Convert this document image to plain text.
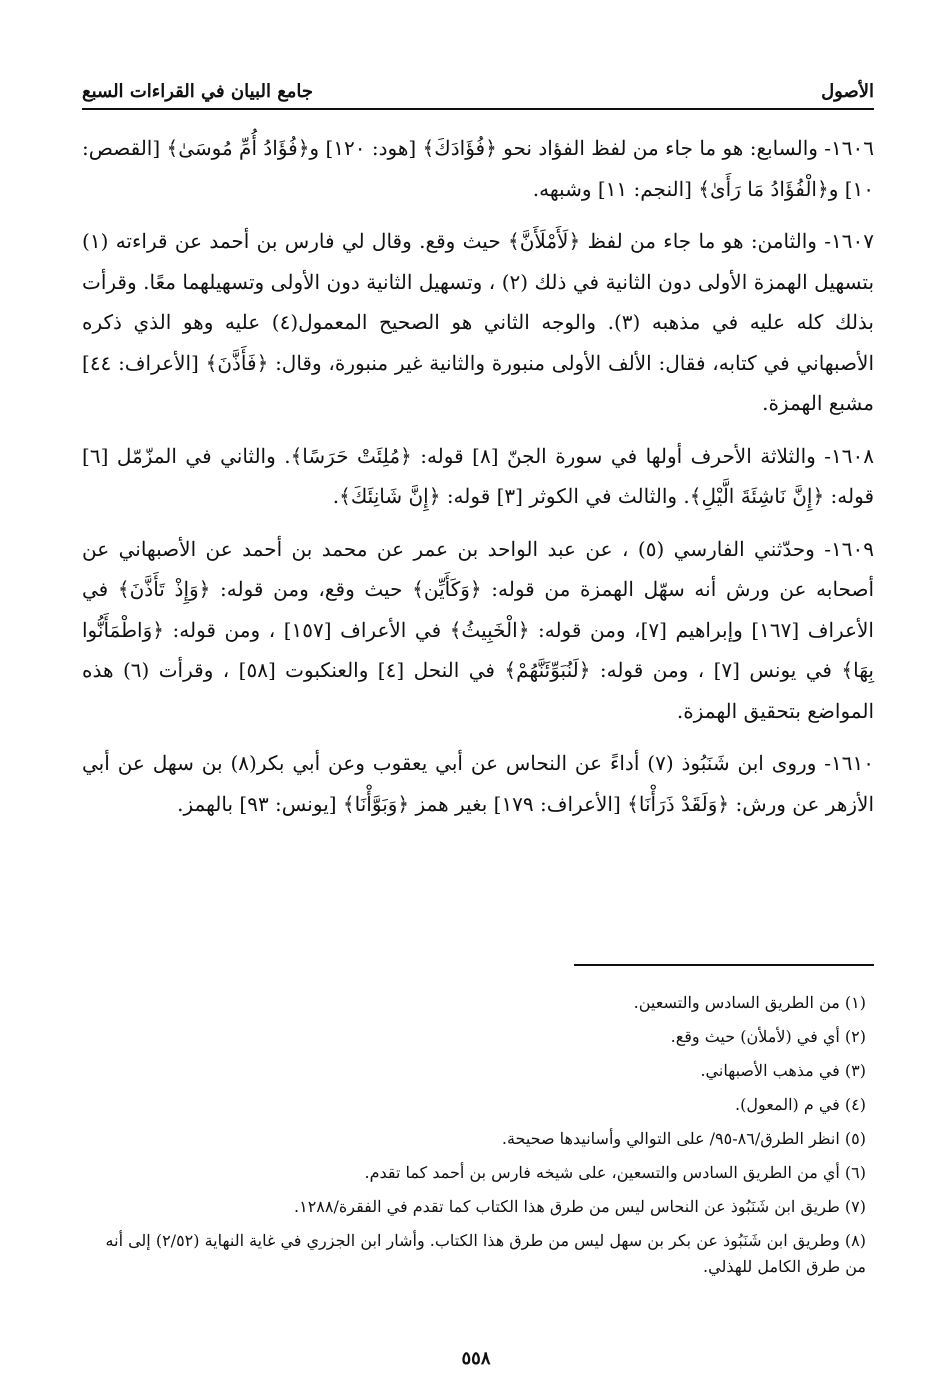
الأصول
جامع البيان في القراءات السبع

١٦٠٦- والسابع: هو ما جاء من لفظ الفؤاد نحو ﴿فُؤَادَكَ﴾ [هود: ١٢٠] و﴿فُؤَادُ أُمِّ مُوسَىٰ﴾ [القصص: ١٠] و﴿الْفُؤَادُ مَا رَأَىٰ﴾ [النجم: ١١] وشبهه.

١٦٠٧- والثامن: هو ما جاء من لفظ ﴿لَأَمْلَأَنَّ﴾ حيث وقع. وقال لي فارس بن أحمد عن قراءته (١) بتسهيل الهمزة الأولى دون الثانية في ذلك (٢) ، وتسهيل الثانية دون الأولى وتسهيلهما معًا. وقرأت بذلك كله عليه في مذهبه (٣). والوجه الثاني هو الصحيح المعمول(٤) عليه وهو الذي ذكره الأصبهاني في كتابه، فقال: الألف الأولى منبورة والثانية غير منبورة، وقال: ﴿فَأَذَّنَ﴾ [الأعراف: ٤٤] مشبع الهمزة.

١٦٠٨- والثلاثة الأحرف أولها في سورة الجنّ [٨] قوله: ﴿مُلِئَتْ حَرَسًا﴾. والثاني في المزّمّل [٦] قوله: ﴿إِنَّ نَاشِئَةَ الَّيْلِ﴾. والثالث في الكوثر [٣] قوله: ﴿إِنَّ شَانِئَكَ﴾.

١٦٠٩- وحدّثني الفارسي (٥) ، عن عبد الواحد بن عمر عن محمد بن أحمد عن الأصبهاني عن أصحابه عن ورش أنه سهّل الهمزة من قوله: ﴿وَكَأَيِّن﴾ حيث وقع، ومن قوله: ﴿وَإِذْ تَأَذَّنَ﴾ في الأعراف [١٦٧] وإبراهيم [٧]، ومن قوله: ﴿الْخَبِيثُ﴾ في الأعراف [١٥٧] ، ومن قوله: ﴿وَاطْمَأَنُّوا بِهَا﴾ في يونس [٧] ، ومن قوله: ﴿لَنُبَوِّئَنَّهُمْ﴾ في النحل [٤] والعنكبوت [٥٨] ، وقرأت (٦) هذه المواضع بتحقيق الهمزة.

١٦١٠- وروى ابن شَنَبُوذ (٧) أداءً عن النحاس عن أبي يعقوب وعن أبي بكر(٨) بن سهل عن أبي الأزهر عن ورش: ﴿وَلَقَدْ ذَرَأْنَا﴾ [الأعراف: ١٧٩] بغير همز ﴿وَبَوَّأْنَا﴾ [يونس: ٩٣] بالهمز.

(١) من الطريق السادس والتسعين.

(٢) أي في (لأملأن) حيث وقع.

(٣) في مذهب الأصبهاني.

(٤) في م (المعول).

(٥) انظر الطرق/٨٦-٩٥/ على التوالي وأسانيدها صحيحة.

(٦) أي من الطريق السادس والتسعين، على شيخه فارس بن أحمد كما تقدم.

(٧) طريق ابن شَنَبُوذ عن النحاس ليس من طرق هذا الكتاب كما تقدم في الفقرة/١٢٨٨.

(٨) وطريق ابن شَنَبُوذ عن بكر بن سهل ليس من طرق هذا الكتاب. وأشار ابن الجزري في غاية النهاية (٢/٥٢) إلى أنه من طرق الكامل للهذلي.

٥٥٨
